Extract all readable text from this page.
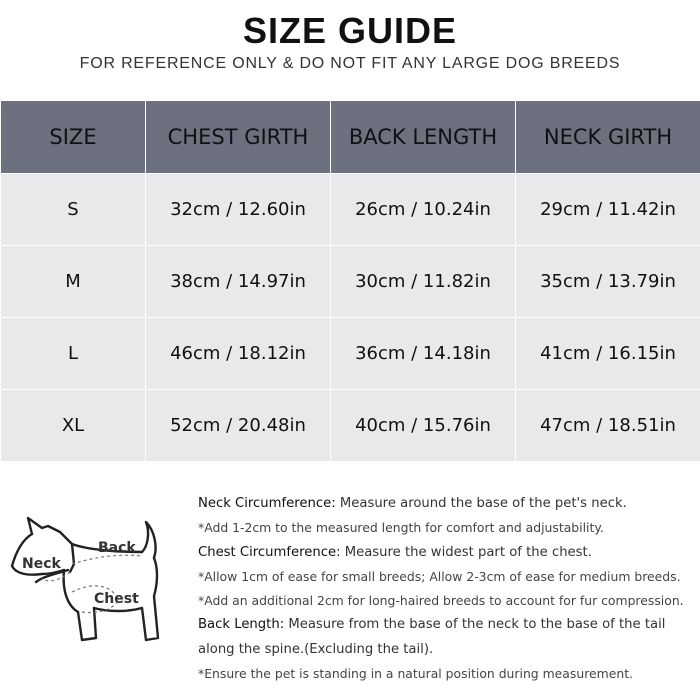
SIZE GUIDE
FOR REFERENCE ONLY & DO NOT FIT ANY LARGE DOG BREEDS
SIZE	CHEST GIRTH	BACK LENGTH	NECK GIRTH
S	32cm / 12.60in	26cm / 10.24in	29cm / 11.42in
M	38cm / 14.97in	30cm / 11.82in	35cm / 13.79in
L	46cm / 18.12in	36cm / 14.18in	41cm / 16.15in
XL	52cm / 20.48in	40cm / 15.76in	47cm / 18.51in
Neck
Back
Chest

Neck Circumference: Measure around the base of the pet's neck.

*Add 1-2cm to the measured length for comfort and adjustability.

Chest Circumference: Measure the widest part of the chest.

*Allow 1cm of ease for small breeds; Allow 2-3cm of ease for medium breeds.

*Add an additional 2cm for long-haired breeds to account for fur compression.

Back Length: Measure from the base of the neck to the base of the tail along the spine.(Excluding the tail).

*Ensure the pet is standing in a natural position during measurement.
